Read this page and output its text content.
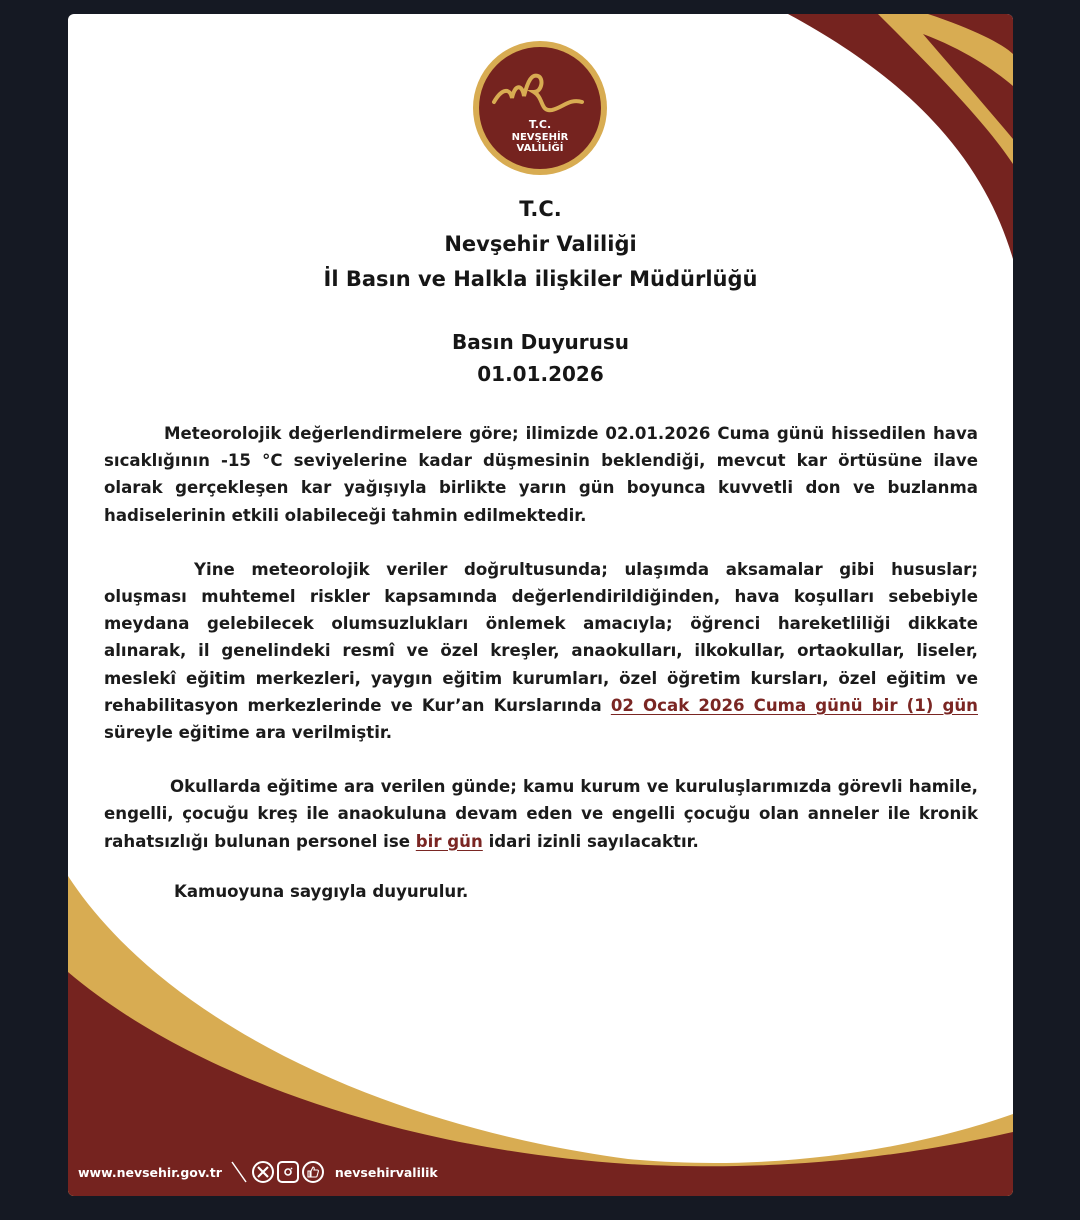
T.C.
NEVŞEHİR
VALİLİĞİ
T.C.
Nevşehir Valiliği
İl Basın ve Halkla ilişkiler Müdürlüğü
Basın Duyurusu
01.01.2026

Meteorolojik değerlendirmelere göre; ilimizde 02.01.2026 Cuma günü hissedilen hava sıcaklığının -15 °C seviyelerine kadar düşmesinin beklendiği, mevcut kar örtüsüne ilave olarak gerçekleşen kar yağışıyla birlikte yarın gün boyunca kuvvetli don ve buzlanma hadiselerinin etkili olabileceği tahmin edilmektedir.

Yine meteorolojik veriler doğrultusunda; ulaşımda aksamalar gibi hususlar; oluşması muhtemel riskler kapsamında değerlendirildiğinden, hava koşulları sebebiyle meydana gelebilecek olumsuzlukları önlemek amacıyla; öğrenci hareketliliği dikkate alınarak, il genelindeki resmî ve özel kreşler, anaokulları, ilkokullar, ortaokullar, liseler, meslekî eğitim merkezleri, yaygın eğitim kurumları, özel öğretim kursları, özel eğitim ve rehabilitasyon merkezlerinde ve Kur’an Kurslarında 02 Ocak 2026 Cuma günü bir (1) gün süreyle eğitime ara verilmiştir.

Okullarda eğitime ara verilen günde; kamu kurum ve kuruluşlarımızda görevli hamile, engelli, çocuğu kreş ile anaokuluna devam eden ve engelli çocuğu olan anneler ile kronik rahatsızlığı bulunan personel ise bir gün idari izinli sayılacaktır.

Kamuoyuna saygıyla duyurulur.
www.nevsehir.gov.tr	nevsehirvalilik
